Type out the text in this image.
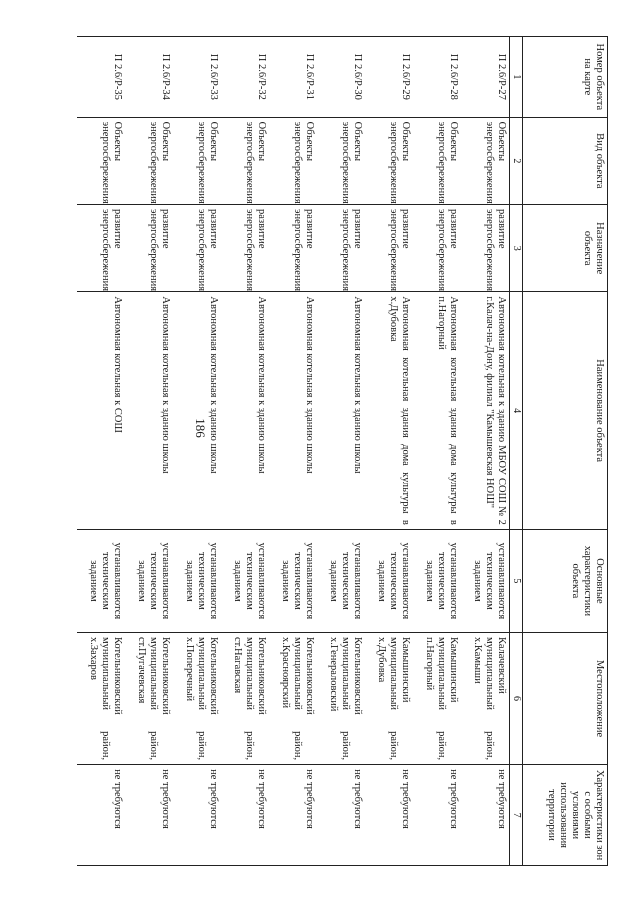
186
Номер объекта на карте	Вид объекта	Назначение объекта	Наименование объекта	Основные характеристики объекта	Местоположение	Характеристики зон с особыми условиями использования территории
1	2	3	4	5	6	7
П 2.6/Р-27	Объекты энергосбережения	развитие энергосбережения	Автономная котельная к зданию МБОУ СОШ № 2 г.Калач-на-Дону, филиал "Камышевская НОШ"	устанавливаются техническим заданием	Калачевский муниципальный район, х.Камыши	не требуются
П 2.6/Р-28	Объекты энергосбережения	развитие энергосбережения	Автономная котельная здания дома культуры в п.Нагорный	устанавливаются техническим заданием	Камышинский муниципальный район, п.Нагорный	не требуются
П 2.6/Р-29	Объекты энергосбережения	развитие энергосбережения	Автономная котельная здания дома культуры в х.Дубовка	устанавливаются техническим заданием	Камышинский муниципальный район, х.Дубовка	не требуются
П 2.6/Р-30	Объекты энергосбережения	развитие энергосбережения	Автономная котельная к зданию школы	устанавливаются техническим заданием	Котельниковский муниципальный район, х.Генераловский	не требуются
П 2.6/Р-31	Объекты энергосбережения	развитие энергосбережения	Автономная котельная к зданию школы	устанавливаются техническим заданием	Котельниковский муниципальный район, х.Красноярский	не требуются
П 2.6/Р-32	Объекты энергосбережения	развитие энергосбережения	Автономная котельная к зданию школы	устанавливаются техническим заданием	Котельниковский муниципальный район, ст.Нагавская	не требуются
П 2.6/Р-33	Объекты энергосбережения	развитие энергосбережения	Автономная котельная к зданию школы	устанавливаются техническим заданием	Котельниковский муниципальный район, х.Поперечный	не требуются
П 2.6/Р-34	Объекты энергосбережения	развитие энергосбережения	Автономная котельная к зданию школы	устанавливаются техническим заданием	Котельниковский муниципальный район, ст.Пугачевская	не требуются
П 2.6/Р-35	Объекты энергосбережения	развитие энергосбережения	Автономная котельная к СОШ	устанавливаются техническим заданием	Котельниковский муниципальный район, х.Захаров	не требуются
